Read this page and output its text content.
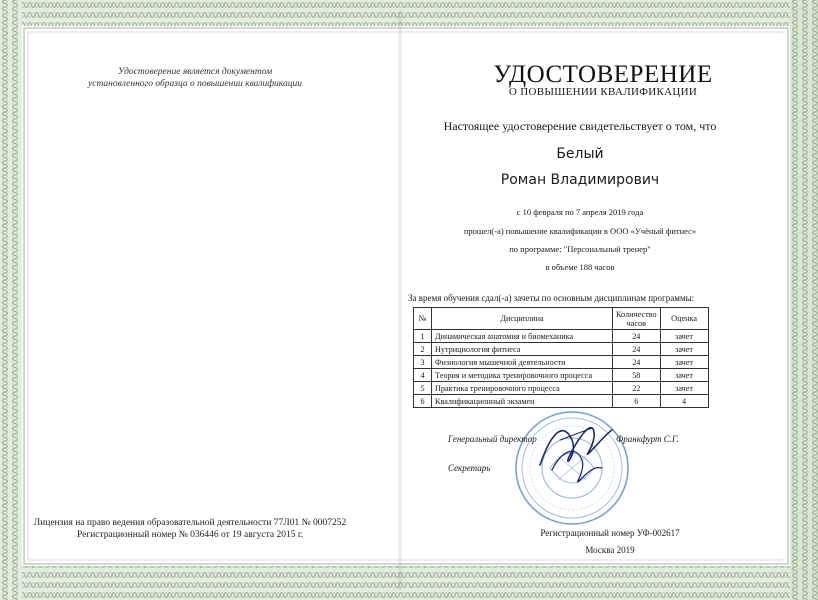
Удостоверение является документом
установленного образца о повышении квалификации
Лицензия на право ведения образовательной деятельности 77Л01 № 0007252
Регистрационный номер № 036446 от 19 августа 2015 г.
УДОСТОВЕРЕНИЕ
О ПОВЫШЕНИИ КВАЛИФИКАЦИИ
Настоящее удостоверение свидетельствует о том, что
Белый
Роман Владимирович
с 10 февраля по 7 апреля 2019 года
прошел(-а) повышение квалификации в ООО «Учёный фитнес»
по программе: "Персональный тренер"
в объеме 188 часов
За время обучения сдал(-а) зачеты по основным дисциплинам программы:
№	Дисциплина	Количество часов	Оценка
1	Динамическая анатомия и биомеханика	24	зачет
2	Нутрициология фитнеса	24	зачет
3	Физиология мышечной деятельности	24	зачет
4	Теория и методика тренировочного процесса	58	зачет
5	Практика тренировочного процесса	22	зачет
6	Квалификационный экзамен	6	4
Генеральный директор	Франкфурт С.Г.
Секретарь
Регистрационный номер УФ-002617
Москва 2019
